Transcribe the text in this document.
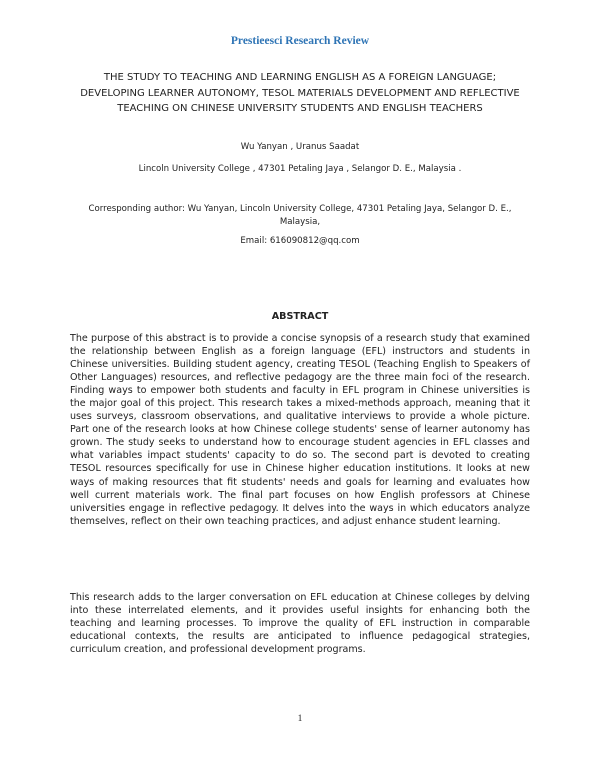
Prestieesci Research Review
THE STUDY TO TEACHING AND LEARNING ENGLISH AS A FOREIGN LANGUAGE; DEVELOPING LEARNER AUTONOMY, TESOL MATERIALS DEVELOPMENT AND REFLECTIVE TEACHING ON CHINESE UNIVERSITY STUDENTS AND ENGLISH TEACHERS
Wu Yanyan , Uranus Saadat
Lincoln University College , 47301 Petaling Jaya , Selangor D. E., Malaysia .
Corresponding author: Wu Yanyan, Lincoln University College, 47301 Petaling Jaya, Selangor D. E., Malaysia,
Email: 616090812@qq.com
ABSTRACT

The purpose of this abstract is to provide a concise synopsis of a research study that examined the relationship between English as a foreign language (EFL) instructors and students in Chinese universities. Building student agency, creating TESOL (Teaching English to Speakers of Other Languages) resources, and reflective pedagogy are the three main foci of the research. Finding ways to empower both students and faculty in EFL program in Chinese universities is the major goal of this project. This research takes a mixed-methods approach, meaning that it uses surveys, classroom observations, and qualitative interviews to provide a whole picture. Part one of the research looks at how Chinese college students' sense of learner autonomy has grown. The study seeks to understand how to encourage student agencies in EFL classes and what variables impact students' capacity to do so. The second part is devoted to creating TESOL resources specifically for use in Chinese higher education institutions. It looks at new ways of making resources that fit students' needs and goals for learning and evaluates how well current materials work. The final part focuses on how English professors at Chinese universities engage in reflective pedagogy. It delves into the ways in which educators analyze themselves, reflect on their own teaching practices, and adjust enhance student learning.

This research adds to the larger conversation on EFL education at Chinese colleges by delving into these interrelated elements, and it provides useful insights for enhancing both the teaching and learning processes. To improve the quality of EFL instruction in comparable educational contexts, the results are anticipated to influence pedagogical strategies, curriculum creation, and professional development programs.

1
